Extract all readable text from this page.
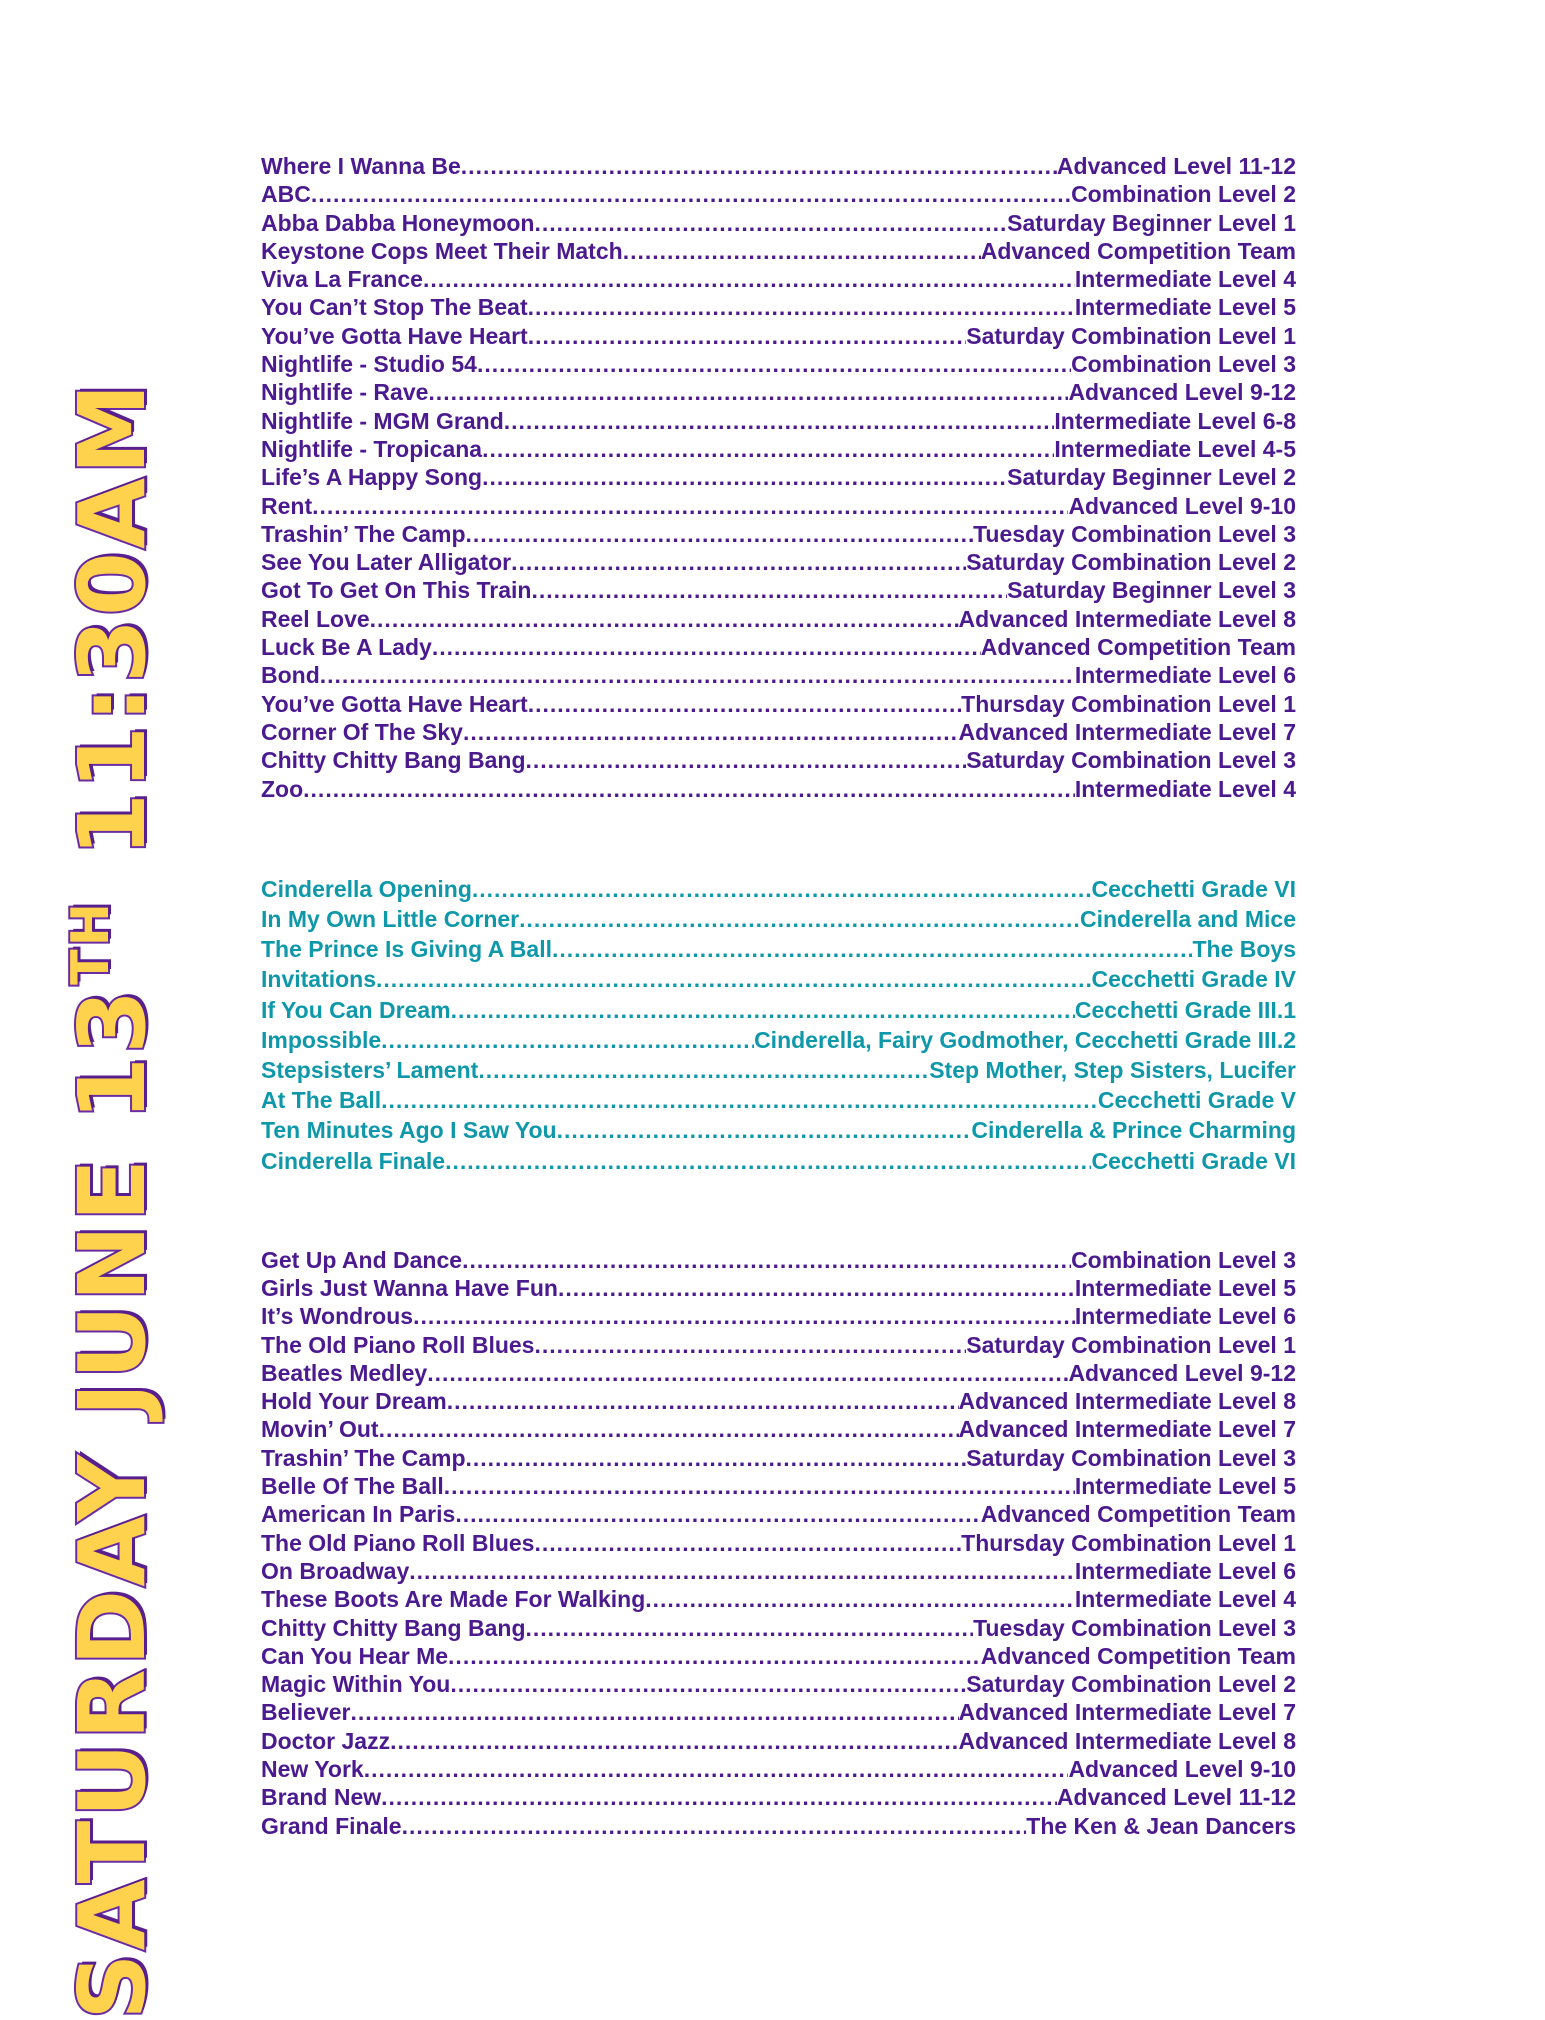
SATURDAY JUNE 13TH 11:30AM
Where I Wanna Be .....	Advanced Level 11-12
ABC .....	Combination Level 2
Abba Dabba Honeymoon .....	Saturday Beginner Level 1
Keystone Cops Meet Their Match .....	Advanced Competition Team
Viva La France .....	Intermediate Level 4
You Can’t Stop The Beat .....	Intermediate Level 5
You’ve Gotta Have Heart .....	Saturday Combination Level 1
Nightlife - Studio 54 .....	Combination Level 3
Nightlife - Rave .....	Advanced Level 9-12
Nightlife - MGM Grand .....	Intermediate Level 6-8
Nightlife - Tropicana .....	Intermediate Level 4-5
Life’s A Happy Song .....	Saturday Beginner Level 2
Rent .....	Advanced Level 9-10
Trashin’ The Camp .....	Tuesday Combination Level 3
See You Later Alligator .....	Saturday Combination Level 2
Got To Get On This Train .....	Saturday Beginner Level 3
Reel Love .....	Advanced Intermediate Level 8
Luck Be A Lady .....	Advanced Competition Team
Bond .....	Intermediate Level 6
You’ve Gotta Have Heart .....	Thursday Combination Level 1
Corner Of The Sky .....	Advanced Intermediate Level 7
Chitty Chitty Bang Bang .....	Saturday Combination Level 3
Zoo .....	Intermediate Level 4
Cinderella Opening .....	Cecchetti Grade VI
In My Own Little Corner .....	Cinderella and Mice
The Prince Is Giving A Ball .....	The Boys
Invitations .....	Cecchetti Grade IV
If You Can Dream .....	Cecchetti Grade III.1
Impossible .....	Cinderella, Fairy Godmother, Cecchetti Grade III.2
Stepsisters’ Lament .....	Step Mother, Step Sisters, Lucifer
At The Ball .....	Cecchetti Grade V
Ten Minutes Ago I Saw You .....	Cinderella & Prince Charming
Cinderella Finale .....	Cecchetti Grade VI
Get Up And Dance .....	Combination Level 3
Girls Just Wanna Have Fun .....	Intermediate Level 5
It’s Wondrous .....	Intermediate Level 6
The Old Piano Roll Blues .....	Saturday Combination Level 1
Beatles Medley .....	Advanced Level 9-12
Hold Your Dream .....	Advanced Intermediate Level 8
Movin’ Out .....	Advanced Intermediate Level 7
Trashin’ The Camp .....	Saturday Combination Level 3
Belle Of The Ball .....	Intermediate Level 5
American In Paris .....	Advanced Competition Team
The Old Piano Roll Blues .....	Thursday Combination Level 1
On Broadway .....	Intermediate Level 6
These Boots Are Made For Walking .....	Intermediate Level 4
Chitty Chitty Bang Bang .....	Tuesday Combination Level 3
Can You Hear Me .....	Advanced Competition Team
Magic Within You .....	Saturday Combination Level 2
Believer .....	Advanced Intermediate Level 7
Doctor Jazz .....	Advanced Intermediate Level 8
New York .....	Advanced Level 9-10
Brand New .....	Advanced Level 11-12
Grand Finale .....	The Ken & Jean Dancers
